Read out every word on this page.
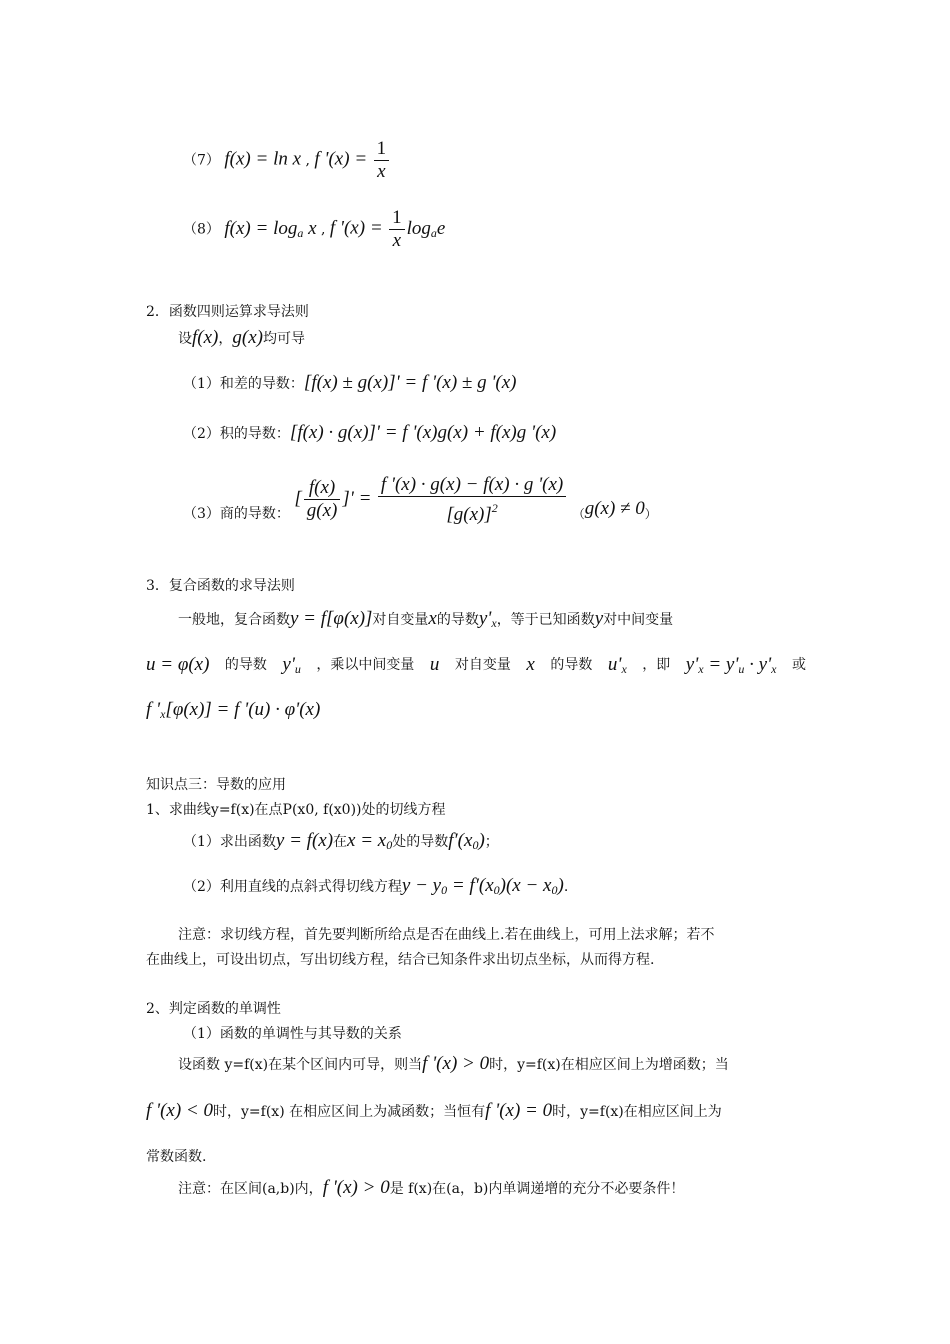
（7） f(x) = ln x , f '$(x) = \frac{1}{x}$
（8） $f(x) = \log_a x$ , f '$(x) = \frac{1}{x} \log_ae$
2．函数四则运算求导法则
设f(x)，g(x)均可导
（1）和差的导数：[f(x) ± g(x)]' = f '(x) ± g '(x)
（2）积的导数：[f(x) · g(x)]' = f '(x)g(x) + f(x)g '(x)
（3）商的导数： [ $\frac{f(x)}{g(x)}$ ]' = $\frac{f '(x) \cdot g(x) - f(x) \cdot g '(x)}{[g(x)]^2} (g(x) \ne 0)$
3．复合函数的求导法则
一般地，复合函数y = f[φ(x)]对自变量x的导数$y'_x$，等于已知函数y对中间变量
u = φ(x) 的导数 $y'_u$ ，乘以中间变量 u 对自变量 x 的导数 $u'_x$ ，即 $y'_x = y'_u \cdot y'_x$ 或
f '$_x[\varphi(x)] = f$ '(u) · φ'(x)
知识点三：导数的应用
1、求曲线y=f(x)在点P(x0, f(x0))处的切线方程
（1）求出函数y = f(x)在$x = x_0$处的导数$f'(x_0)$；
（2）利用直线的点斜式得切线方程$y - y_0 = f'(x_0)(x - x_0)$.
注意：求切线方程，首先要判断所给点是否在曲线上.若在曲线上，可用上法求解；若不
在曲线上，可设出切点，写出切线方程，结合已知条件求出切点坐标，从而得方程.
2、判定函数的单调性
（1）函数的单调性与其导数的关系
设函数 y=f(x)在某个区间内可导，则当f '(x) > 0时，y=f(x)在相应区间上为增函数；当
f '(x) < 0时，y=f(x) 在相应区间上为减函数；当恒有f '(x) = 0时，y=f(x)在相应区间上为
常数函数.
注意：在区间(a,b)内，f '(x) > 0是 f(x)在(a，b)内单调递增的充分不必要条件！
